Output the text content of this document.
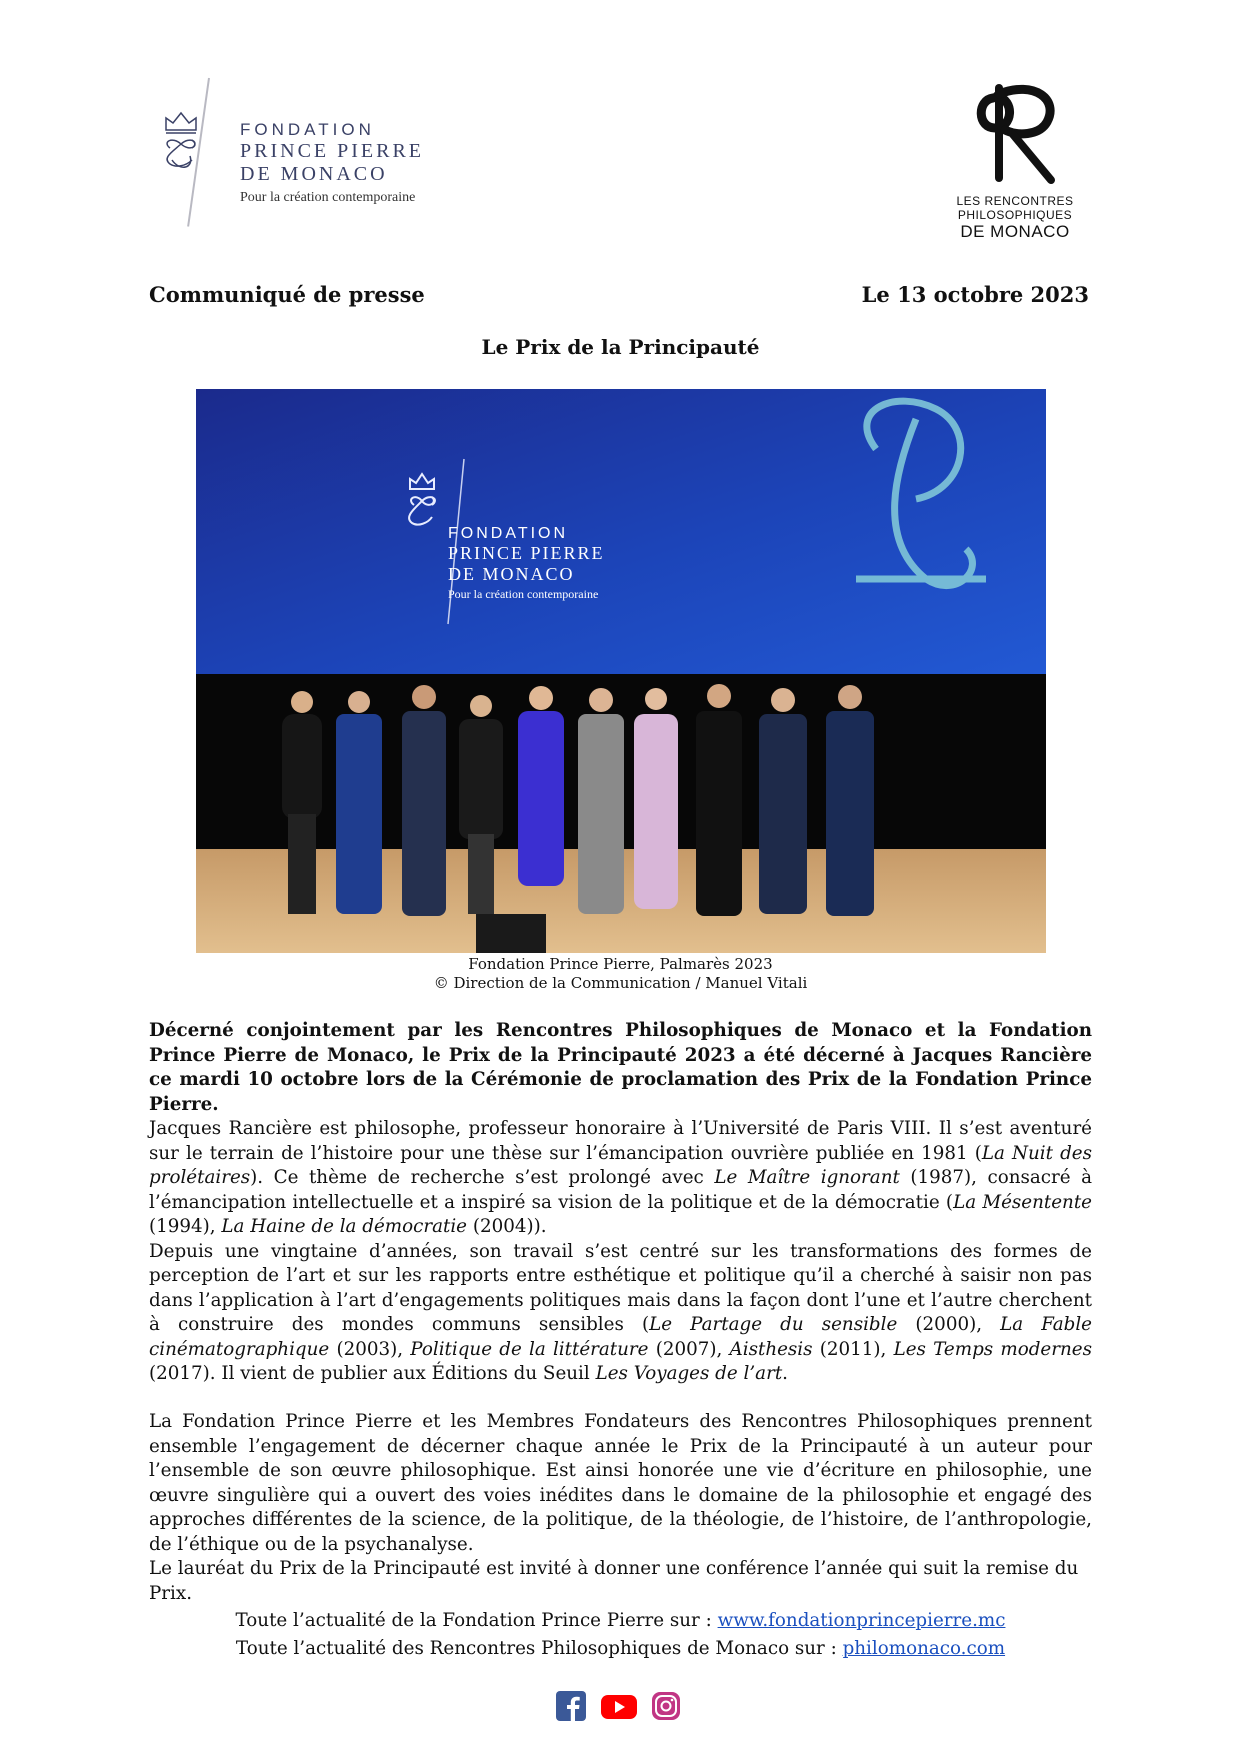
FONDATION
PRINCE PIERRE
DE MONACO
Pour la création contemporaine	LES RENCONTRES
PHILOSOPHIQUES
DE MONACO
Communiqué de presse	Le 13 octobre 2023
Le Prix de la Principauté
FONDATION
PRINCE PIERRE
DE MONACO
Pour la création contemporaine
Fondation Prince Pierre, Palmarès 2023
© Direction de la Communication / Manuel Vitali
Décerné conjointement par les Rencontres Philosophiques de Monaco et la Fondation Prince Pierre de Monaco, le Prix de la Principauté 2023 a été décerné à Jacques Rancière ce mardi 10 octobre lors de la Cérémonie de proclamation des Prix de la Fondation Prince Pierre.
Jacques Rancière est philosophe, professeur honoraire à l’Université de Paris VIII. Il s’est aventuré sur le terrain de l’histoire pour une thèse sur l’émancipation ouvrière publiée en 1981 (La Nuit des prolétaires). Ce thème de recherche s’est prolongé avec Le Maître ignorant (1987), consacré à l’émancipation intellectuelle et a inspiré sa vision de la politique et de la démocratie (La Mésentente (1994), La Haine de la démocratie (2004)).
Depuis une vingtaine d’années, son travail s’est centré sur les transformations des formes de perception de l’art et sur les rapports entre esthétique et politique qu’il a cherché à saisir non pas dans l’application à l’art d’engagements politiques mais dans la façon dont l’une et l’autre cherchent à construire des mondes communs sensibles (Le Partage du sensible (2000), La Fable cinématographique (2003), Politique de la littérature (2007), Aisthesis (2011), Les Temps modernes (2017). Il vient de publier aux Éditions du Seuil Les Voyages de l’art.
La Fondation Prince Pierre et les Membres Fondateurs des Rencontres Philosophiques prennent ensemble l’engagement de décerner chaque année le Prix de la Principauté à un auteur pour l’ensemble de son œuvre philosophique. Est ainsi honorée une vie d’écriture en philosophie, une œuvre singulière qui a ouvert des voies inédites dans le domaine de la philosophie et engagé des approches différentes de la science, de la politique, de la théologie, de l’histoire, de l’anthropologie, de l’éthique ou de la psychanalyse.
Le lauréat du Prix de la Principauté est invité à donner une conférence l’année qui suit la remise du Prix.
Toute l’actualité de la Fondation Prince Pierre sur : www.fondationprincepierre.mc
Toute l’actualité des Rencontres Philosophiques de Monaco sur : philomonaco.com
